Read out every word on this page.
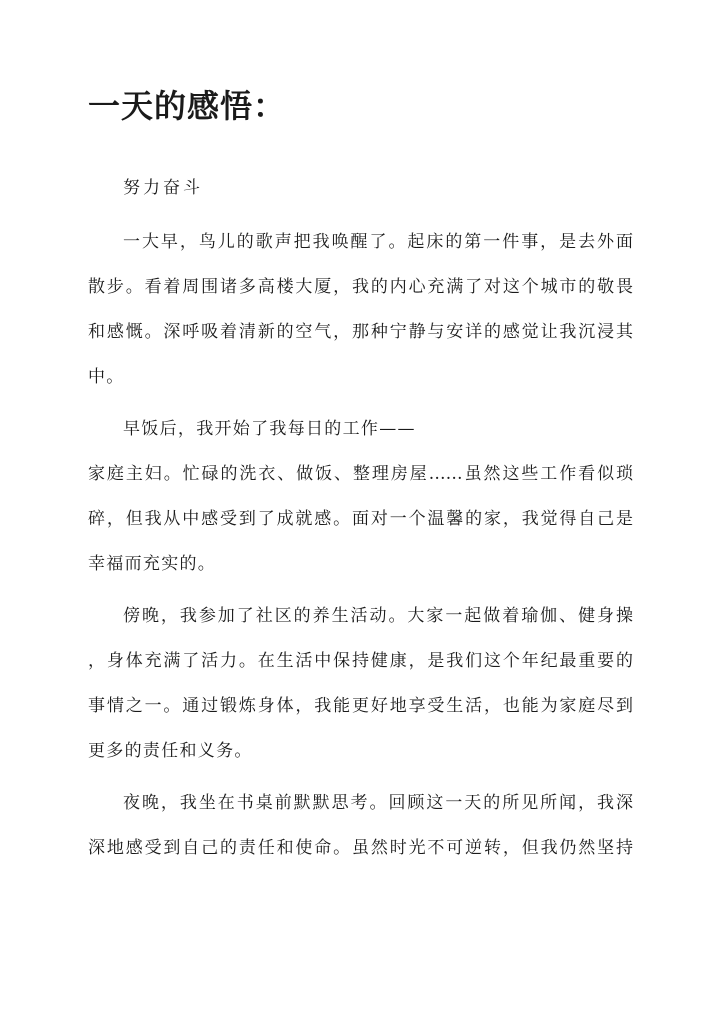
一天的感悟：

努力奋斗

一大早，鸟儿的歌声把我唤醒了。起床的第一件事，是去外面
散步。看着周围诸多高楼大厦，我的内心充满了对这个城市的敬畏
和感慨。深呼吸着清新的空气，那种宁静与安详的感觉让我沉浸其
中。
早饭后，我开始了我每日的工作——
家庭主妇。忙碌的洗衣、做饭、整理房屋……虽然这些工作看似琐
碎，但我从中感受到了成就感。面对一个温馨的家，我觉得自己是
幸福而充实的。
傍晚，我参加了社区的养生活动。大家一起做着瑜伽、健身操
，身体充满了活力。在生活中保持健康，是我们这个年纪最重要的
事情之一。通过锻炼身体，我能更好地享受生活，也能为家庭尽到
更多的责任和义务。
夜晚，我坐在书桌前默默思考。回顾这一天的所见所闻，我深
深地感受到自己的责任和使命。虽然时光不可逆转，但我仍然坚持
